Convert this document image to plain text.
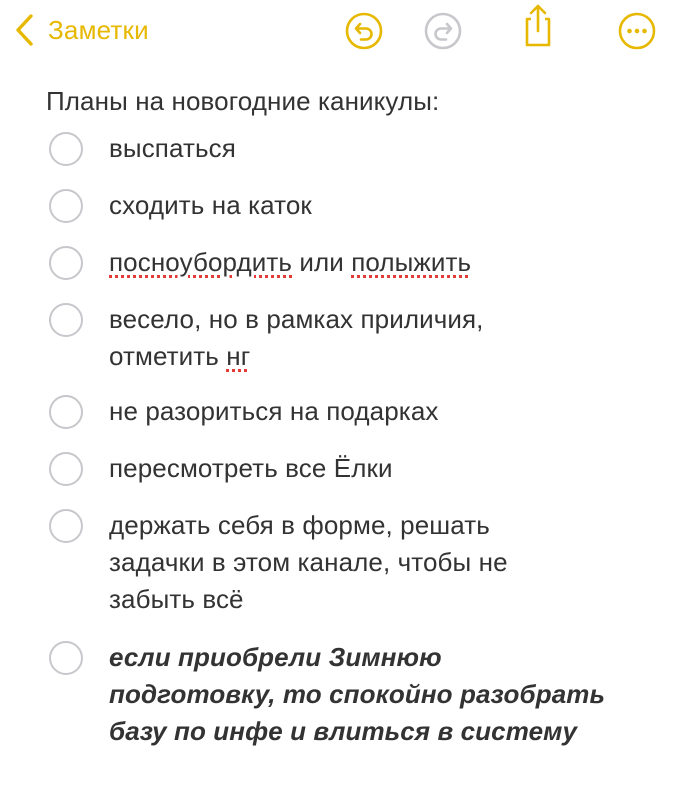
Заметки
Планы на новогодние каникулы:
выспаться
сходить на каток
посноубордить или полыжить
весело, но в рамках приличия,
отметить нг
не разориться на подарках
пересмотреть все Ёлки
держать себя в форме, решать
задачки в этом канале, чтобы не
забыть всё
если приобрели Зимнюю
подготовку, то спокойно разобрать
базу по инфе и влиться в систему
